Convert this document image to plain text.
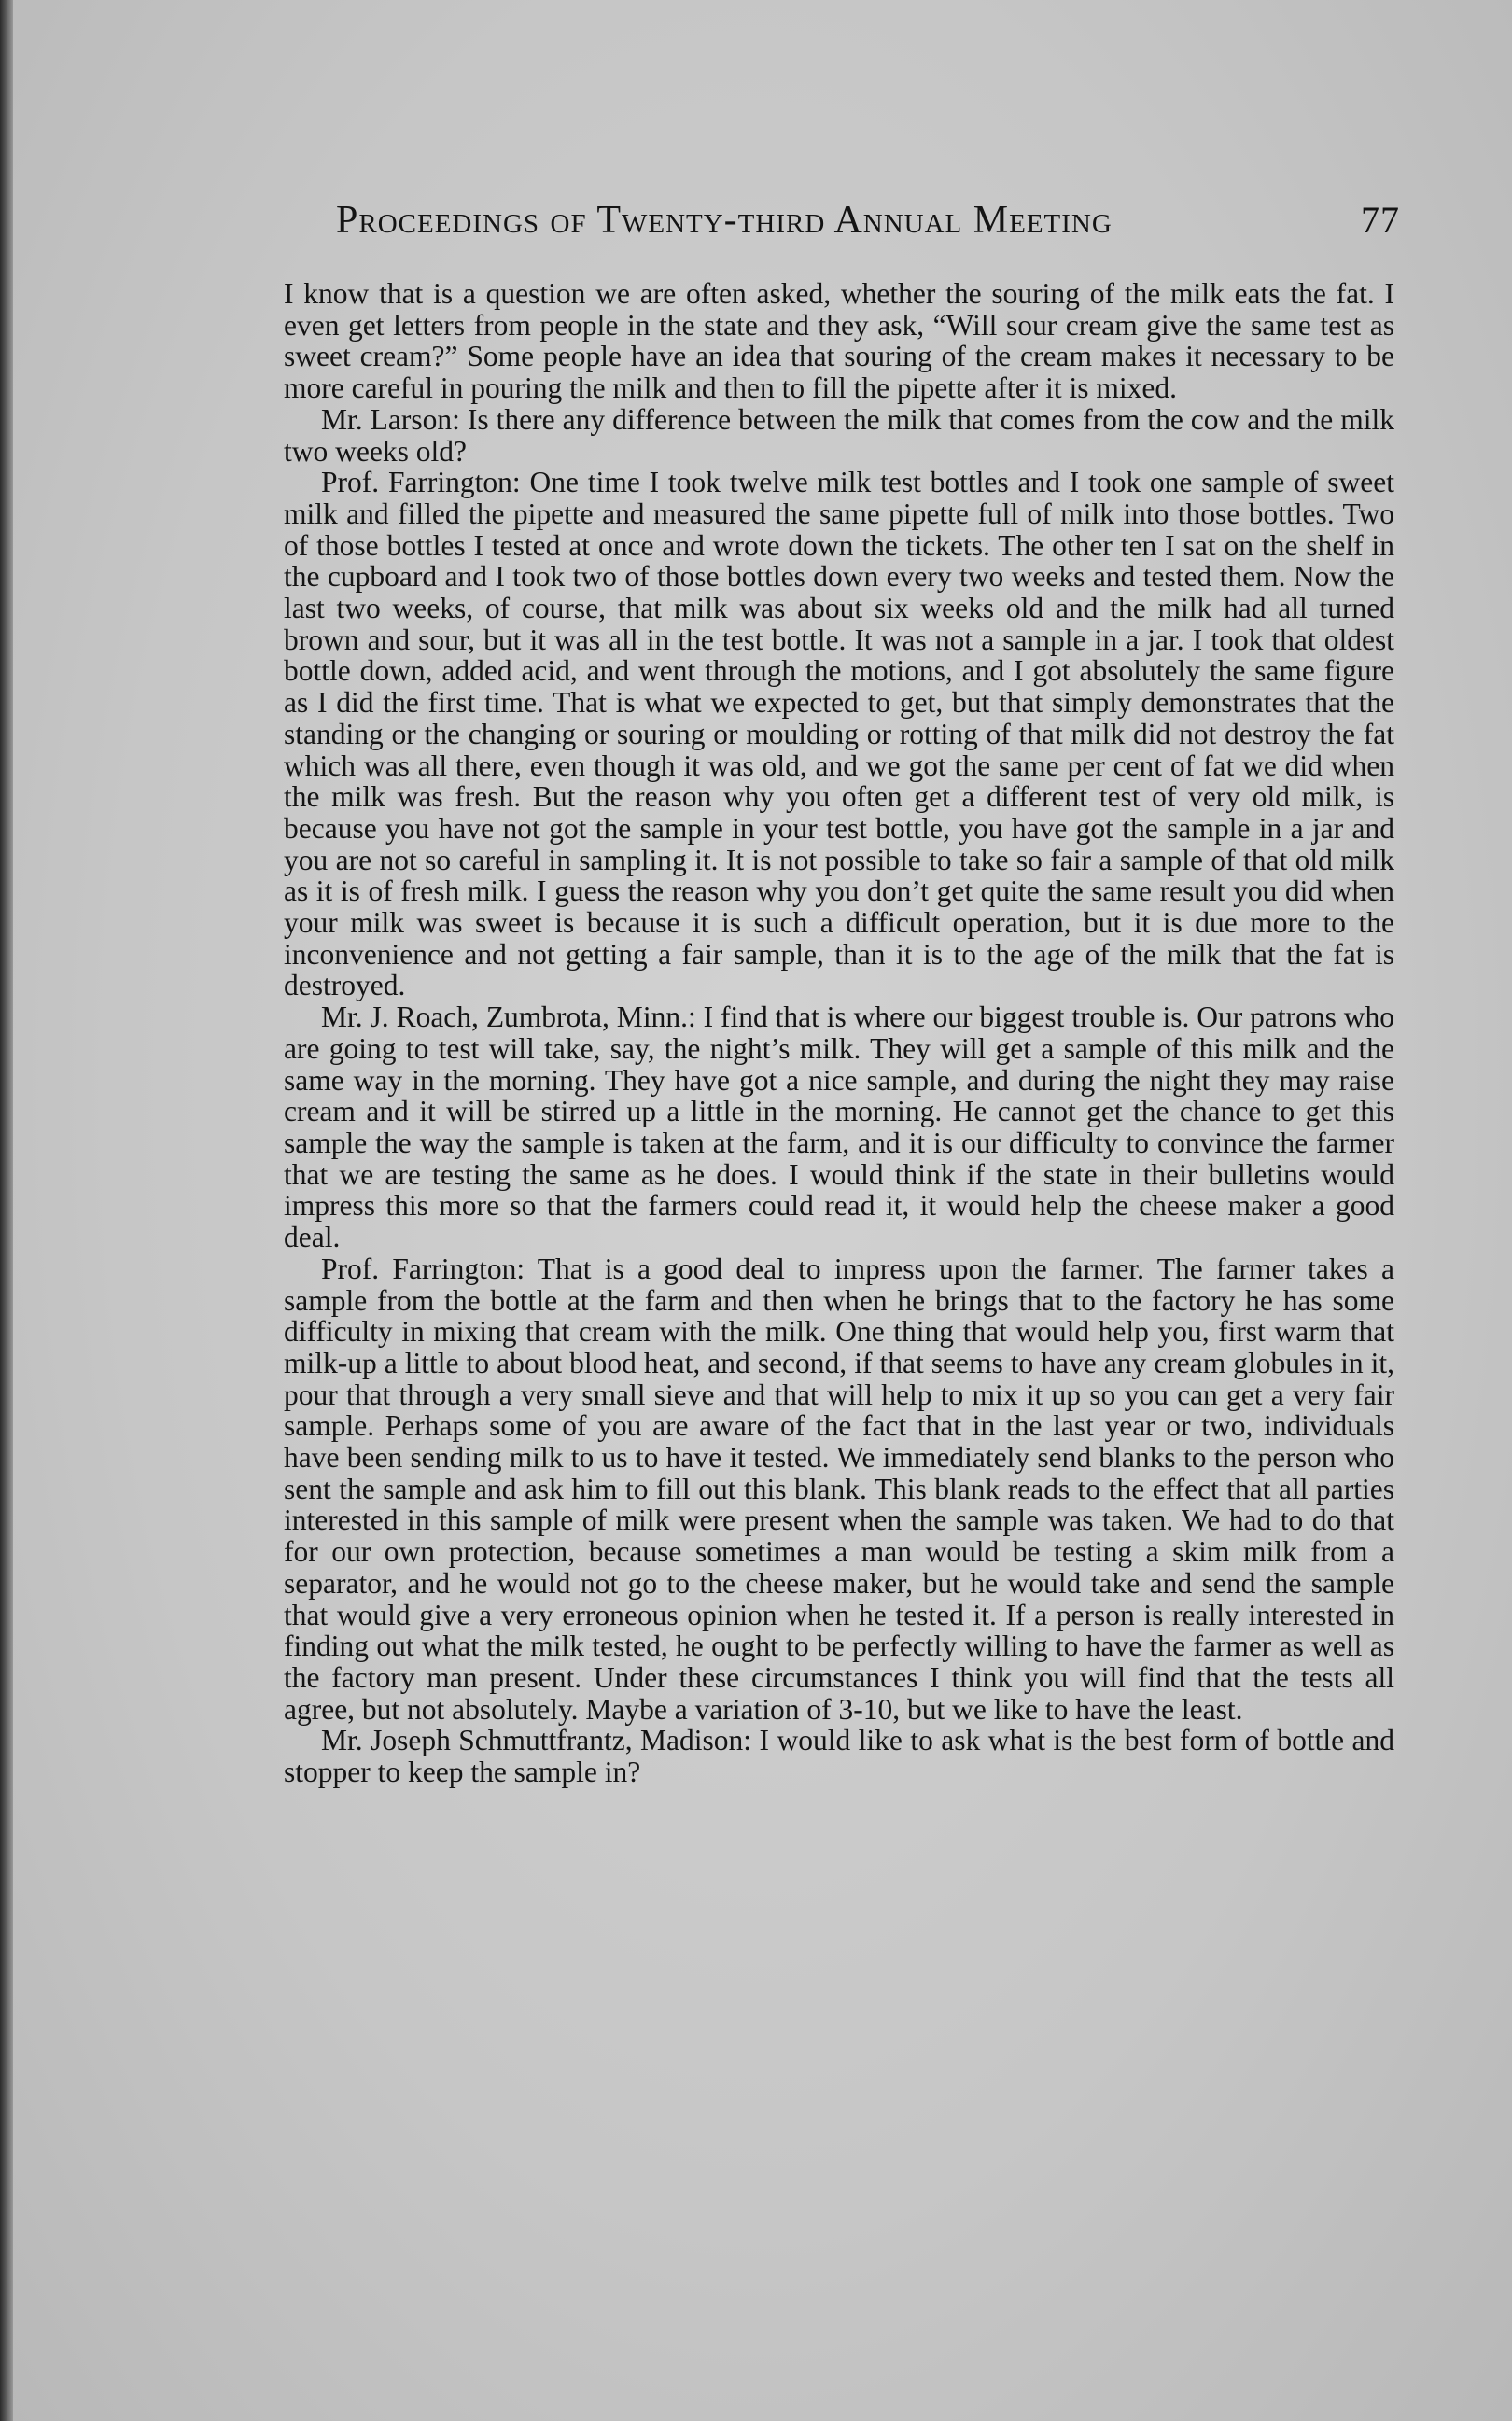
Proceedings of Twenty-third Annual Meeting	77

I know that is a question we are often asked, whether the souring of the milk eats the fat. I even get letters from people in the state and they ask, “Will sour cream give the same test as sweet cream?” Some people have an idea that souring of the cream makes it necessary to be more careful in pouring the milk and then to fill the pipette after it is mixed.

Mr. Larson: Is there any difference between the milk that comes from the cow and the milk two weeks old?

Prof. Farrington: One time I took twelve milk test bottles and I took one sample of sweet milk and filled the pipette and measured the same pipette full of milk into those bottles. Two of those bottles I tested at once and wrote down the tickets. The other ten I sat on the shelf in the cupboard and I took two of those bottles down every two weeks and tested them. Now the last two weeks, of course, that milk was about six weeks old and the milk had all turned brown and sour, but it was all in the test bottle. It was not a sample in a jar. I took that oldest bottle down, added acid, and went through the motions, and I got absolutely the same figure as I did the first time. That is what we expected to get, but that simply demonstrates that the standing or the changing or souring or moulding or rotting of that milk did not destroy the fat which was all there, even though it was old, and we got the same per cent of fat we did when the milk was fresh. But the reason why you often get a different test of very old milk, is because you have not got the sample in your test bottle, you have got the sample in a jar and you are not so careful in sampling it. It is not possible to take so fair a sample of that old milk as it is of fresh milk. I guess the reason why you don’t get quite the same result you did when your milk was sweet is because it is such a difficult operation, but it is due more to the inconvenience and not getting a fair sample, than it is to the age of the milk that the fat is destroyed.

Mr. J. Roach, Zumbrota, Minn.: I find that is where our biggest trouble is. Our patrons who are going to test will take, say, the night’s milk. They will get a sample of this milk and the same way in the morning. They have got a nice sample, and during the night they may raise cream and it will be stirred up a little in the morning. He cannot get the chance to get this sample the way the sample is taken at the farm, and it is our difficulty to convince the farmer that we are testing the same as he does. I would think if the state in their bulletins would impress this more so that the farmers could read it, it would help the cheese maker a good deal.

Prof. Farrington: That is a good deal to impress upon the farmer. The farmer takes a sample from the bottle at the farm and then when he brings that to the factory he has some difficulty in mixing that cream with the milk. One thing that would help you, first warm that milk-up a little to about blood heat, and second, if that seems to have any cream globules in it, pour that through a very small sieve and that will help to mix it up so you can get a very fair sample. Perhaps some of you are aware of the fact that in the last year or two, individuals have been sending milk to us to have it tested. We immediately send blanks to the person who sent the sample and ask him to fill out this blank. This blank reads to the effect that all parties interested in this sample of milk were present when the sample was taken. We had to do that for our own protection, because sometimes a man would be testing a skim milk from a separator, and he would not go to the cheese maker, but he would take and send the sample that would give a very erroneous opinion when he tested it. If a person is really interested in finding out what the milk tested, he ought to be perfectly willing to have the farmer as well as the factory man present. Under these circumstances I think you will find that the tests all agree, but not absolutely. Maybe a variation of 3-10, but we like to have the least.

Mr. Joseph Schmuttfrantz, Madison: I would like to ask what is the best form of bottle and stopper to keep the sample in?
